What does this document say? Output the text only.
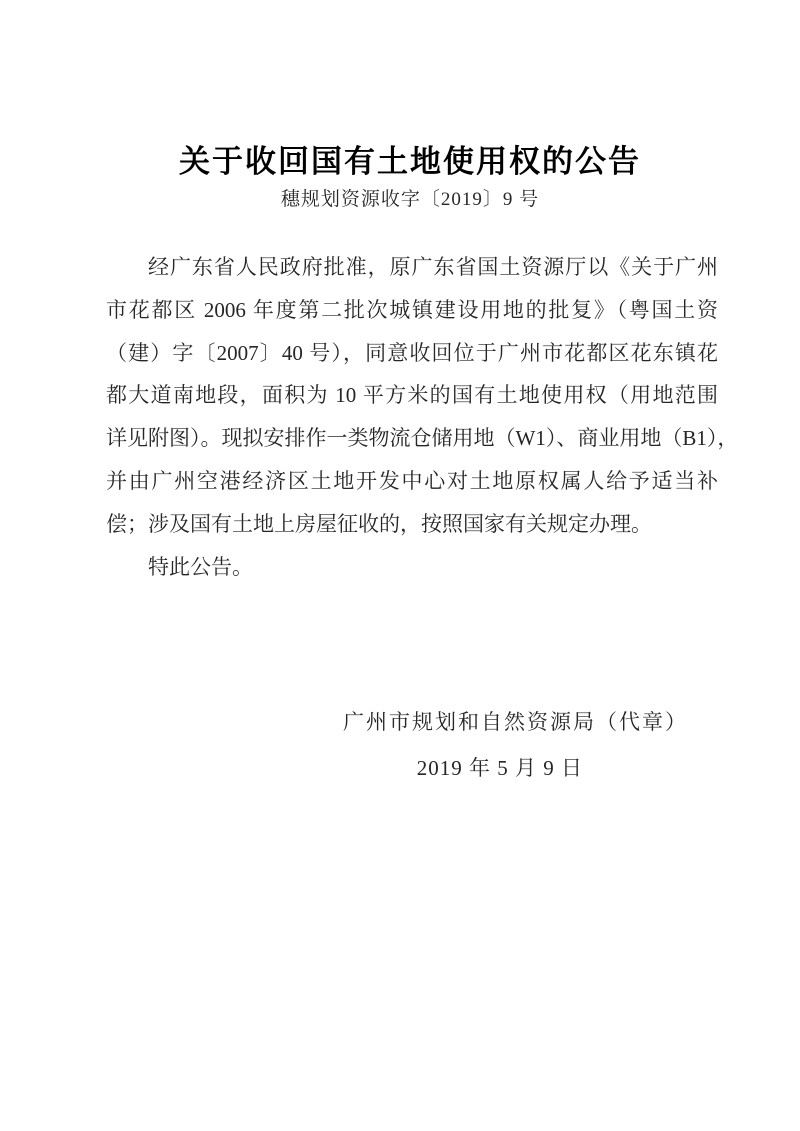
关于收回国有土地使用权的公告
穗规划资源收字〔2019〕9 号
经广东省人民政府批准，原广东省国土资源厅以《关于广州
市花都区 2006 年度第二批次城镇建设用地的批复》（粤国土资
（建）字〔2007〕40 号），同意收回位于广州市花都区花东镇花
都大道南地段，面积为 10 平方米的国有土地使用权（用地范围
详见附图）。现拟安排作一类物流仓储用地（W1）、商业用地（B1），
并由广州空港经济区土地开发中心对土地原权属人给予适当补
偿；涉及国有土地上房屋征收的，按照国家有关规定办理。
特此公告。
广州市规划和自然资源局（代章）
2019 年 5 月 9 日
